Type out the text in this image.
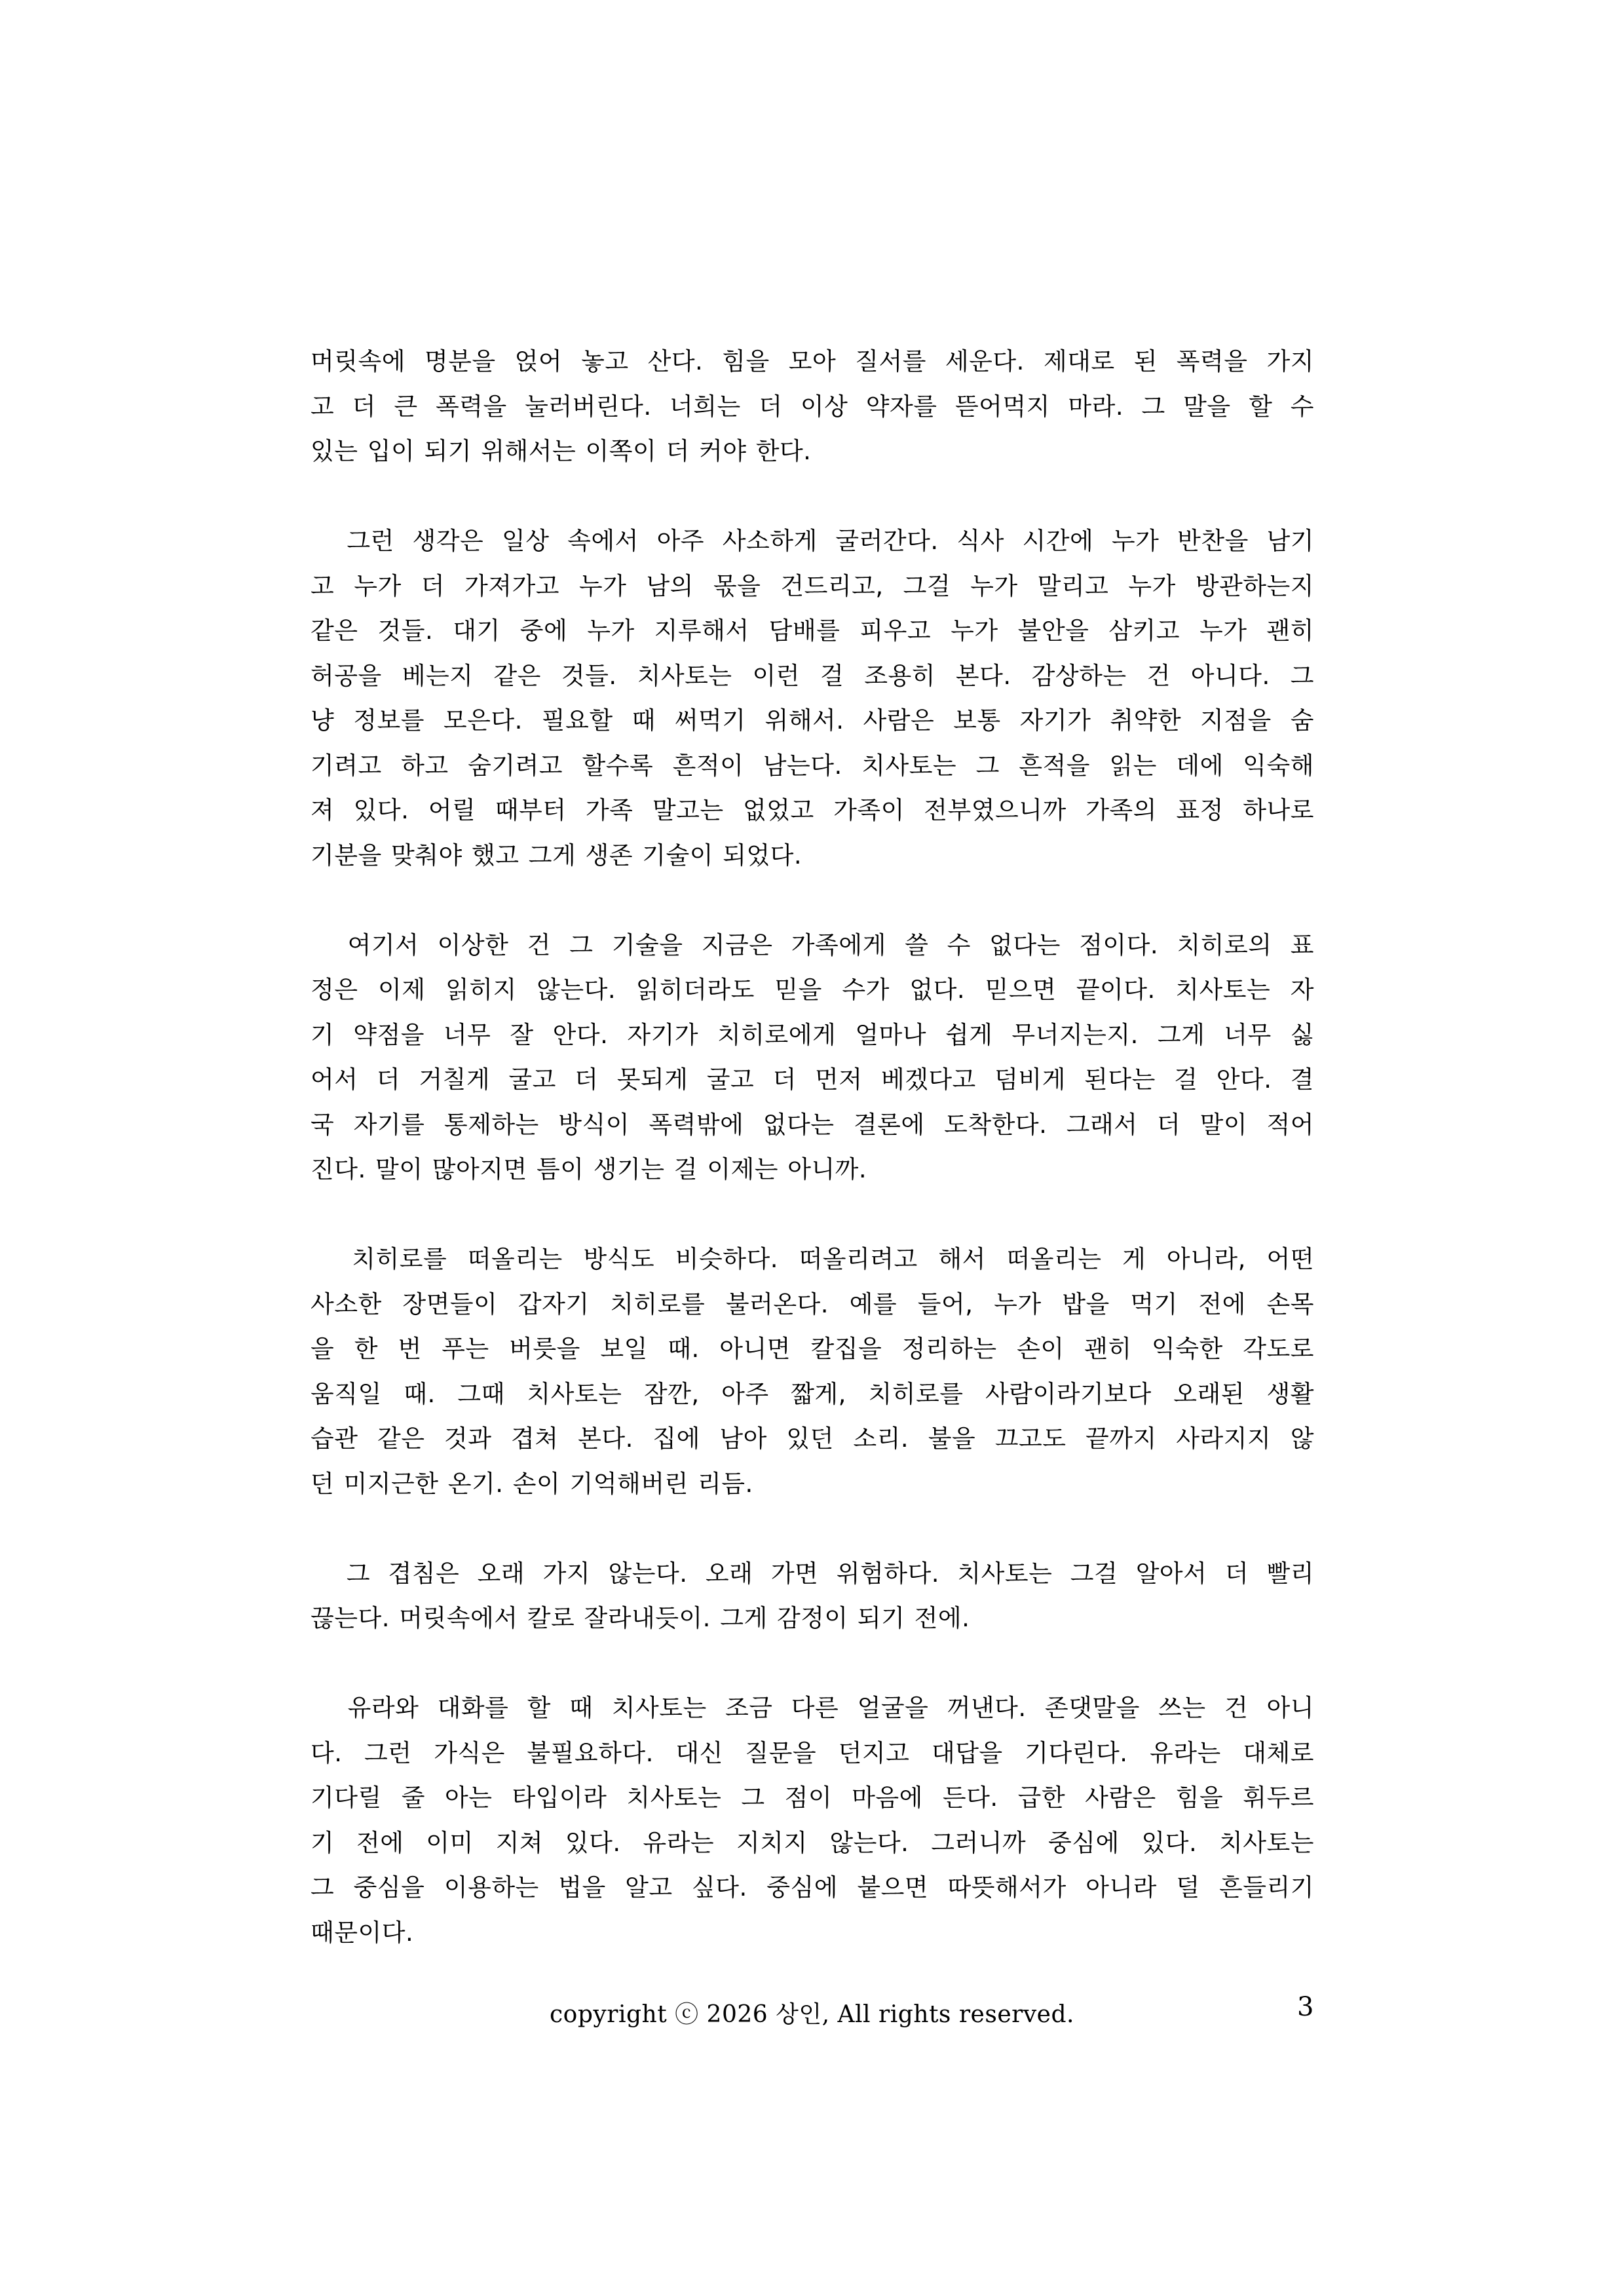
머릿속에 명분을 얹어 놓고 산다. 힘을 모아 질서를 세운다. 제대로 된 폭력을 가지
고 더 큰 폭력을 눌러버린다. 너희는 더 이상 약자를 뜯어먹지 마라. 그 말을 할 수
있는 입이 되기 위해서는 이쪽이 더 커야 한다.

그런 생각은 일상 속에서 아주 사소하게 굴러간다. 식사 시간에 누가 반찬을 남기
고 누가 더 가져가고 누가 남의 몫을 건드리고, 그걸 누가 말리고 누가 방관하는지
같은 것들. 대기 중에 누가 지루해서 담배를 피우고 누가 불안을 삼키고 누가 괜히
허공을 베는지 같은 것들. 치사토는 이런 걸 조용히 본다. 감상하는 건 아니다. 그
냥 정보를 모은다. 필요할 때 써먹기 위해서. 사람은 보통 자기가 취약한 지점을 숨
기려고 하고 숨기려고 할수록 흔적이 남는다. 치사토는 그 흔적을 읽는 데에 익숙해
져 있다. 어릴 때부터 가족 말고는 없었고 가족이 전부였으니까 가족의 표정 하나로
기분을 맞춰야 했고 그게 생존 기술이 되었다.

여기서 이상한 건 그 기술을 지금은 가족에게 쓸 수 없다는 점이다. 치히로의 표
정은 이제 읽히지 않는다. 읽히더라도 믿을 수가 없다. 믿으면 끝이다. 치사토는 자
기 약점을 너무 잘 안다. 자기가 치히로에게 얼마나 쉽게 무너지는지. 그게 너무 싫
어서 더 거칠게 굴고 더 못되게 굴고 더 먼저 베겠다고 덤비게 된다는 걸 안다. 결
국 자기를 통제하는 방식이 폭력밖에 없다는 결론에 도착한다. 그래서 더 말이 적어
진다. 말이 많아지면 틈이 생기는 걸 이제는 아니까.

치히로를 떠올리는 방식도 비슷하다. 떠올리려고 해서 떠올리는 게 아니라, 어떤
사소한 장면들이 갑자기 치히로를 불러온다. 예를 들어, 누가 밥을 먹기 전에 손목
을 한 번 푸는 버릇을 보일 때. 아니면 칼집을 정리하는 손이 괜히 익숙한 각도로
움직일 때. 그때 치사토는 잠깐, 아주 짧게, 치히로를 사람이라기보다 오래된 생활
습관 같은 것과 겹쳐 본다. 집에 남아 있던 소리. 불을 끄고도 끝까지 사라지지 않
던 미지근한 온기. 손이 기억해버린 리듬.

그 겹침은 오래 가지 않는다. 오래 가면 위험하다. 치사토는 그걸 알아서 더 빨리
끊는다. 머릿속에서 칼로 잘라내듯이. 그게 감정이 되기 전에.

유라와 대화를 할 때 치사토는 조금 다른 얼굴을 꺼낸다. 존댓말을 쓰는 건 아니
다. 그런 가식은 불필요하다. 대신 질문을 던지고 대답을 기다린다. 유라는 대체로
기다릴 줄 아는 타입이라 치사토는 그 점이 마음에 든다. 급한 사람은 힘을 휘두르
기 전에 이미 지쳐 있다. 유라는 지치지 않는다. 그러니까 중심에 있다. 치사토는
그 중심을 이용하는 법을 알고 싶다. 중심에 붙으면 따뜻해서가 아니라 덜 흔들리기
때문이다.

copyright ⓒ 2026 상인, All rights reserved.	3
